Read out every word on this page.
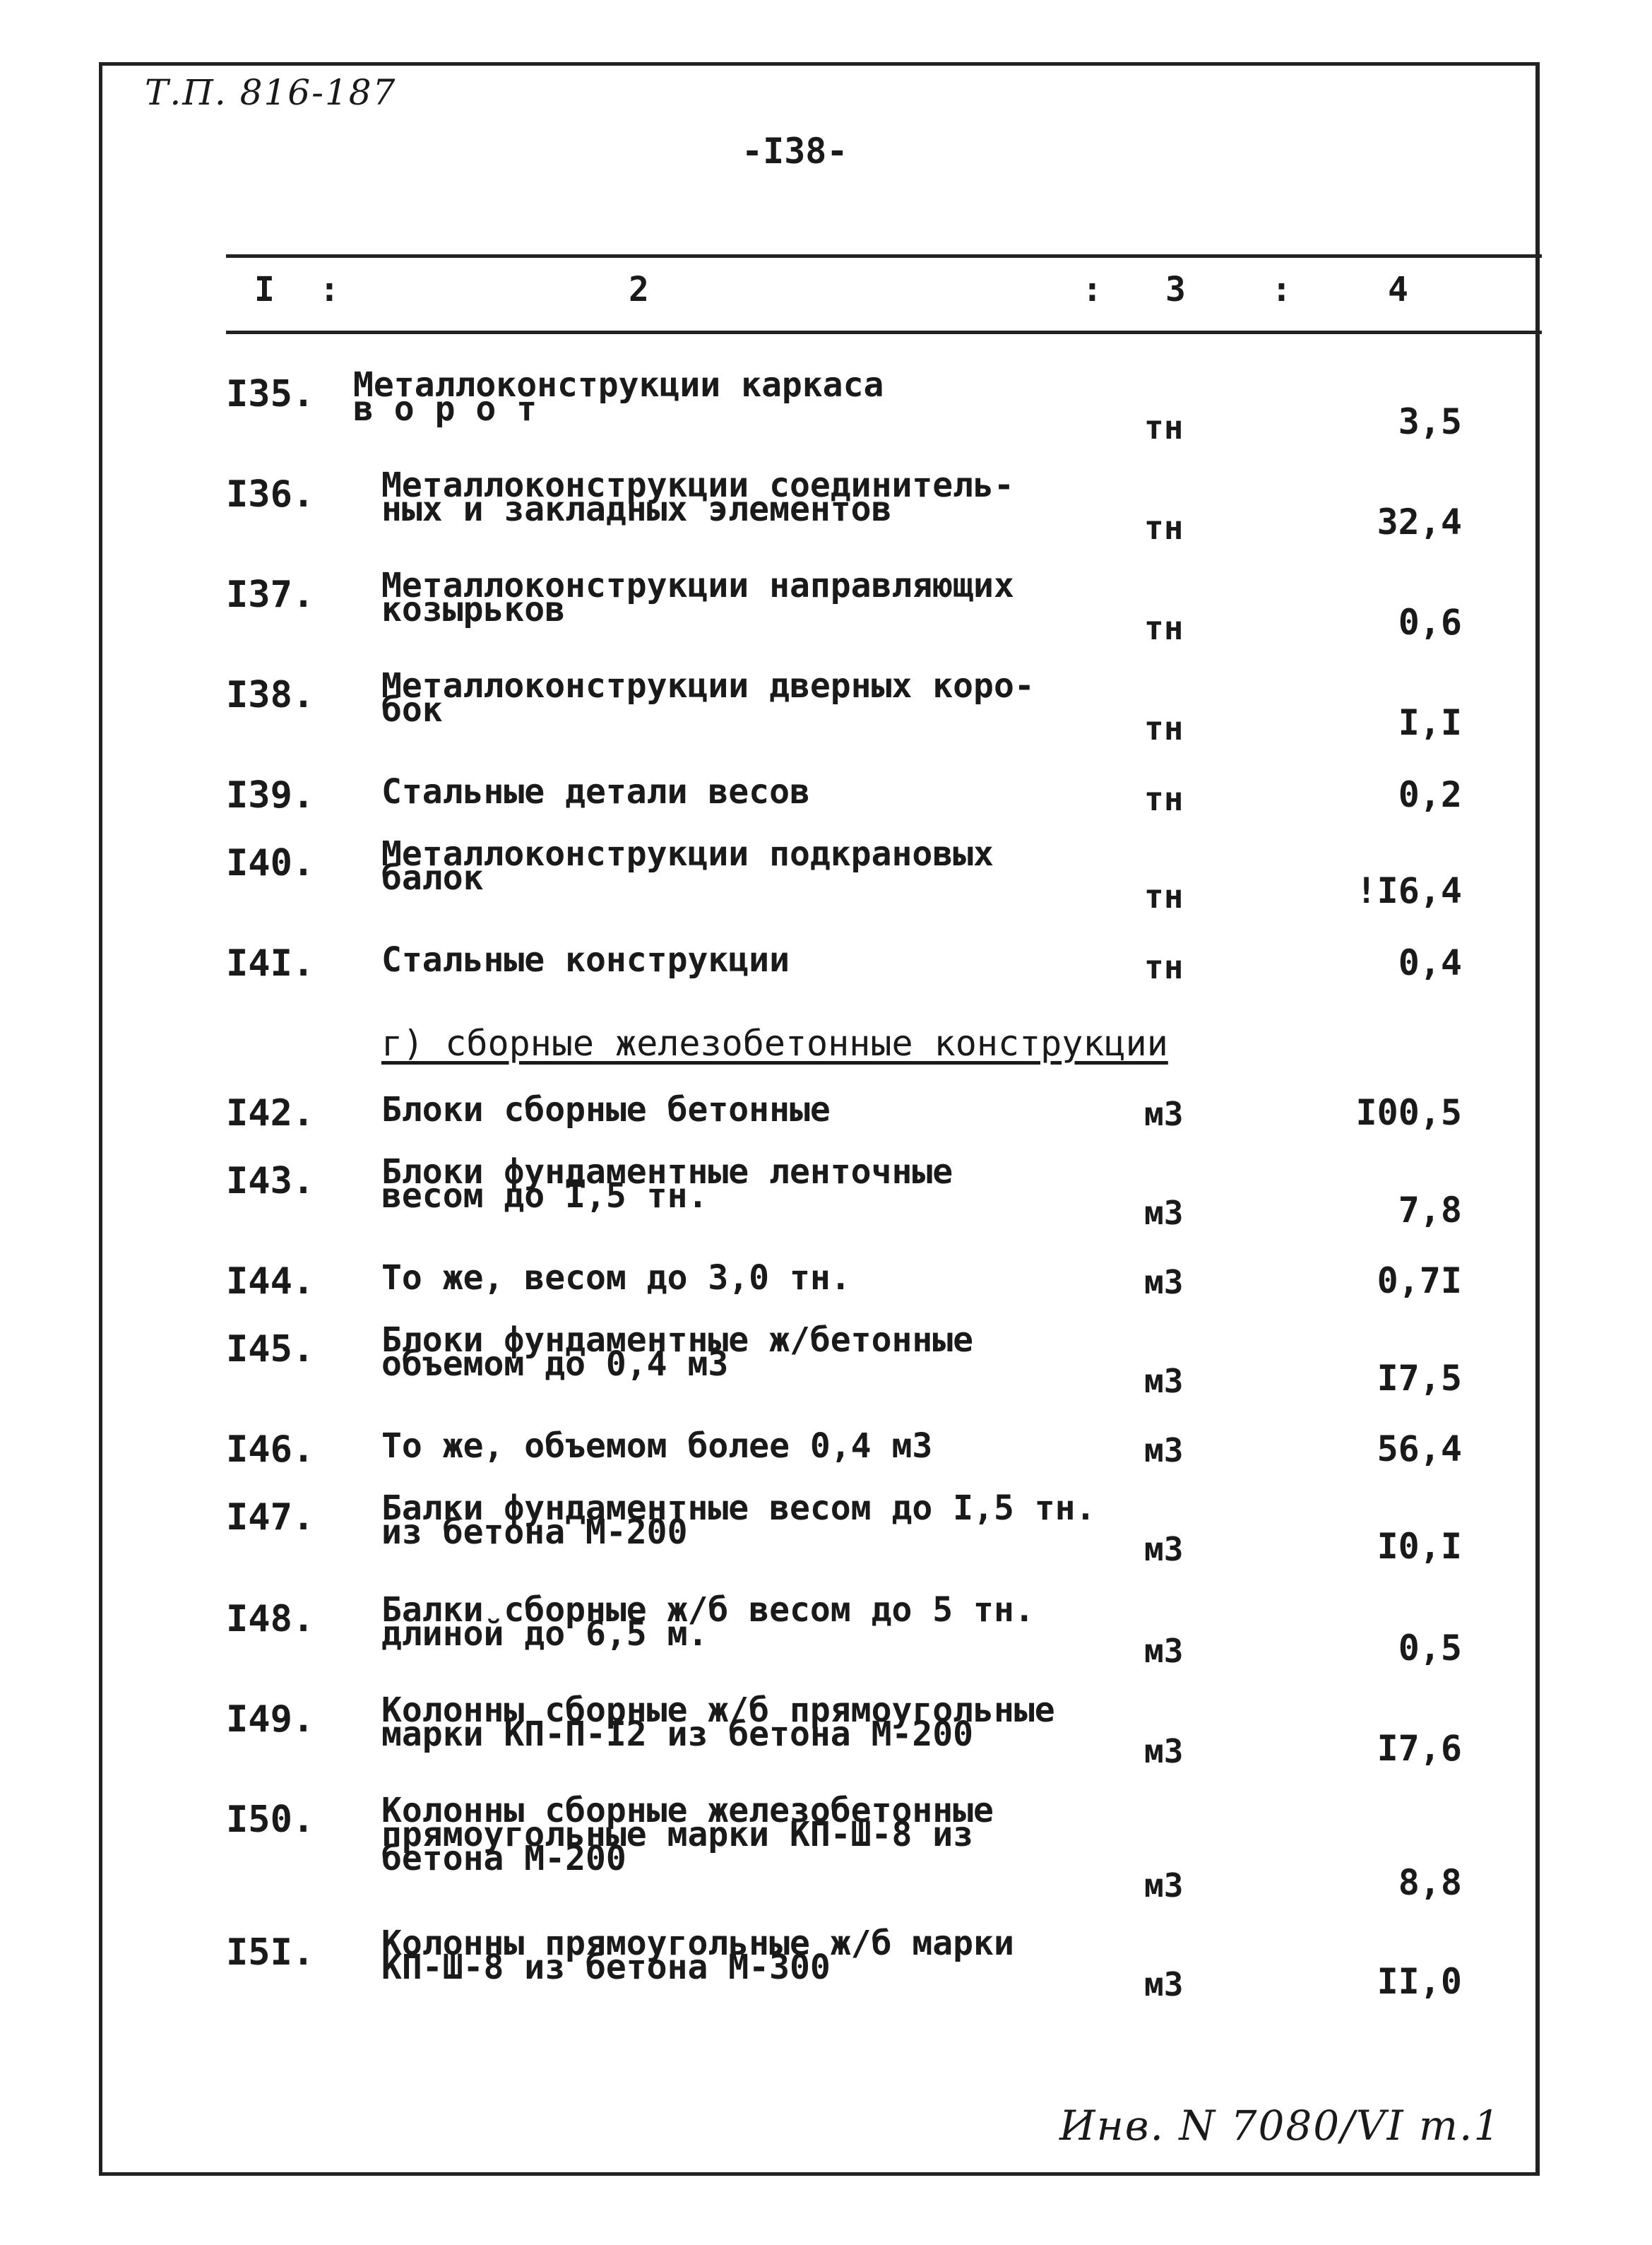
Т.П. 816-187
-I38-
I :	2	: 3	:	4
I35. Металлоконструкции каркаса
в о р о т	тн	3,5
I36. Металлоконструкции соединитель-
ных и закладных элементов	тн	32,4
I37. Металлоконструкции направляющих
козырьков	тн	0,6
I38. Металлоконструкции дверных коро-
бок	тн	I,I
I39. Стальные детали весов	тн	0,2
I40. Металлоконструкции подкрановых
балок	тн	!I6,4
I4I. Стальные конструкции	тн	0,4
г) сборные железобетонные конструкции
I42. Блоки сборные бетонные	м3	I00,5
I43. Блоки фундаментные ленточные
весом до I,5 тн.	м3	7,8
I44. То же, весом до 3,0 тн.	м3	0,7I
I45. Блоки фундаментные ж/бетонные
объемом до 0,4 м3	м3	I7,5
I46. То же, объемом более 0,4 м3	м3	56,4
I47. Балки фундаментные весом до I,5 тн.
из бетона М-200	м3	I0,I
I48. Балки сборные ж/б весом до 5 тн.
длиной до 6,5 м.	м3	0,5
I49. Колонны сборные ж/б прямоугольные
марки КП-П-I2 из бетона М-200	м3	I7,6
I50. Колонны сборные железобетонные
прямоугольные марки КП-Ш-8 из
бетона М-200
м3	8,8
I5I. Колонны прямоугольные ж/б марки
КП-Ш-8 из бетона М-300	м3	II,0
Инв. N 7080/VI т.1
